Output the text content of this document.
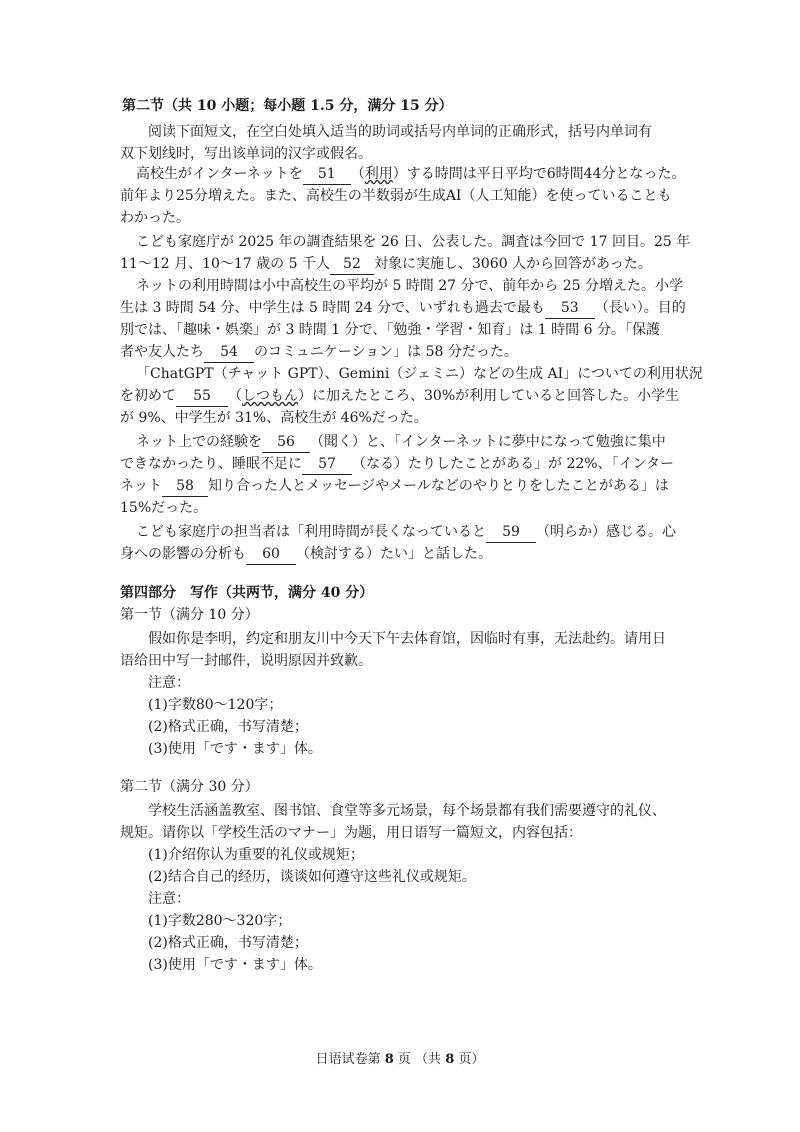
第二节（共 10 小题；每小题 1.5 分，满分 15 分）
阅读下面短文，在空白处填入适当的助词或括号内单词的正确形式，括号内单词有
双下划线时，写出该单词的汉字或假名。
高校生がインターネットを 51 （利用）する時間は平日平均で6時間44分となった。
前年より25分増えた。また、高校生の半数弱が生成AI（人工知能）を使っていることも
わかった。
こども家庭庁が 2025 年の調査結果を 26 日、公表した。調査は今回で 17 回目。25 年
11～12 月、10～17 歳の 5 千人 52 対象に実施し、3060 人から回答があった。
ネットの利用時間は小中高校生の平均が 5 時間 27 分で、前年から 25 分増えた。小学
生は 3 時間 54 分、中学生は 5 時間 24 分で、いずれも過去で最も 53 （長い）。目的
別では、「趣味・娯楽」が 3 時間 1 分で、「勉強・学習・知育」は 1 時間 6 分。「保護
者や友人たち 54 のコミュニケーション」は 58 分だった。
「ChatGPT（チャット GPT）、Gemini（ジェミニ）などの生成 AI」についての利用状況
を初めて 55 （しつもん）に加えたところ、30%が利用していると回答した。小学生
が 9%、中学生が 31%、高校生が 46%だった。
ネット上での経験を 56 （聞く）と、「インターネットに夢中になって勉強に集中
できなかったり、睡眠不足に 57 （なる）たりしたことがある」が 22%、「インター
ネット 58 知り合った人とメッセージやメールなどのやりとりをしたことがある」は
15%だった。
こども家庭庁の担当者は「利用時間が長くなっていると 59 （明らか）感じる。心
身への影響の分析も 60 （検討する）たい」と話した。
第四部分　写作（共两节，满分 40 分）
第一节（满分 10 分）
假如你是李明，约定和朋友川中今天下午去体育馆，因临时有事，无法赴约。请用日
语给田中写一封邮件，说明原因并致歉。
注意：
(1)字数80～120字；
(2)格式正确，书写清楚；
(3)使用「です・ます」体。
第二节（满分 30 分）
学校生活涵盖教室、图书馆、食堂等多元场景，每个场景都有我们需要遵守的礼仪、
规矩。请你以「学校生活のマナー」为题，用日语写一篇短文，内容包括：
(1)介绍你认为重要的礼仪或规矩；
(2)结合自己的经历，谈谈如何遵守这些礼仪或规矩。
注意：
(1)字数280～320字；
(2)格式正确，书写清楚；
(3)使用「です・ます」体。
日语试卷第 8 页 （共 8 页）
